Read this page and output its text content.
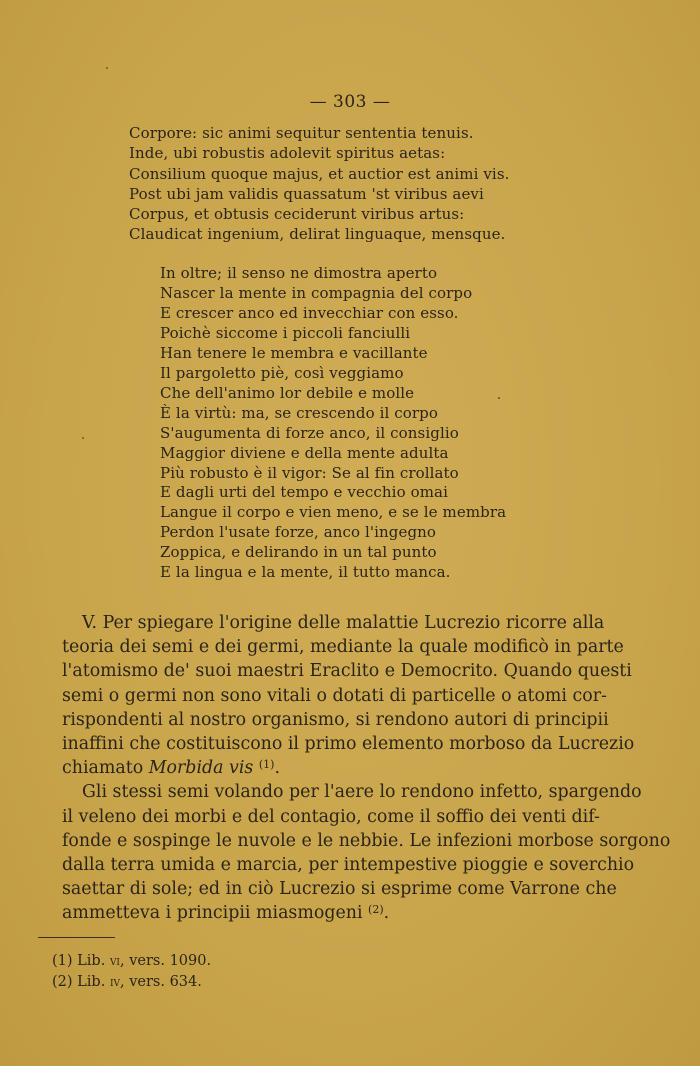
— 303 —
Corpore: sic animi sequitur sententia tenuis.
Inde, ubi robustis adolevit spiritus aetas:
Consilium quoque majus, et auctior est animi vis.
Post ubi jam validis quassatum 'st viribus aevi
Corpus, et obtusis ceciderunt viribus artus:
Claudicat ingenium, delirat linguaque, mensque.
In oltre; il senso ne dimostra aperto
Nascer la mente in compagnia del corpo
E crescer anco ed invecchiar con esso.
Poichè siccome i piccoli fanciulli
Han tenere le membra e vacillante
Il pargoletto piè, così veggiamo
Che dell'animo lor debile e molle
È la virtù: ma, se crescendo il corpo
S'augumenta di forze anco, il consiglio
Maggior diviene e della mente adulta
Più robusto è il vigor: Se al fin crollato
E dagli urti del tempo e vecchio omai
Langue il corpo e vien meno, e se le membra
Perdon l'usate forze, anco l'ingegno
Zoppica, e delirando in un tal punto
E la lingua e la mente, il tutto manca.

V. Per spiegare l'origine delle malattie Lucrezio ricorre alla
teoria dei semi e dei germi, mediante la quale modificò in parte
l'atomismo de' suoi maestri Eraclito e Democrito. Quando questi
semi o germi non sono vitali o dotati di particelle o atomi cor-
rispondenti al nostro organismo, si rendono autori di principii
inaffini che costituiscono il primo elemento morboso da Lucrezio
chiamato Morbida vis $^{(1)}$.

Gli stessi semi volando per l'aere lo rendono infetto, spargendo
il veleno dei morbi e del contagio, come il soffio dei venti dif-
fonde e sospinge le nuvole e le nebbie. Le infezioni morbose sorgono
dalla terra umida e marcia, per intempestive pioggie e soverchio
saettar di sole; ed in ciò Lucrezio si esprime come Varrone che
ammetteva i principii miasmogeni $^{(2)}$.

(1) Lib. vi, vers. 1090.
(2) Lib. iv, vers. 634.
